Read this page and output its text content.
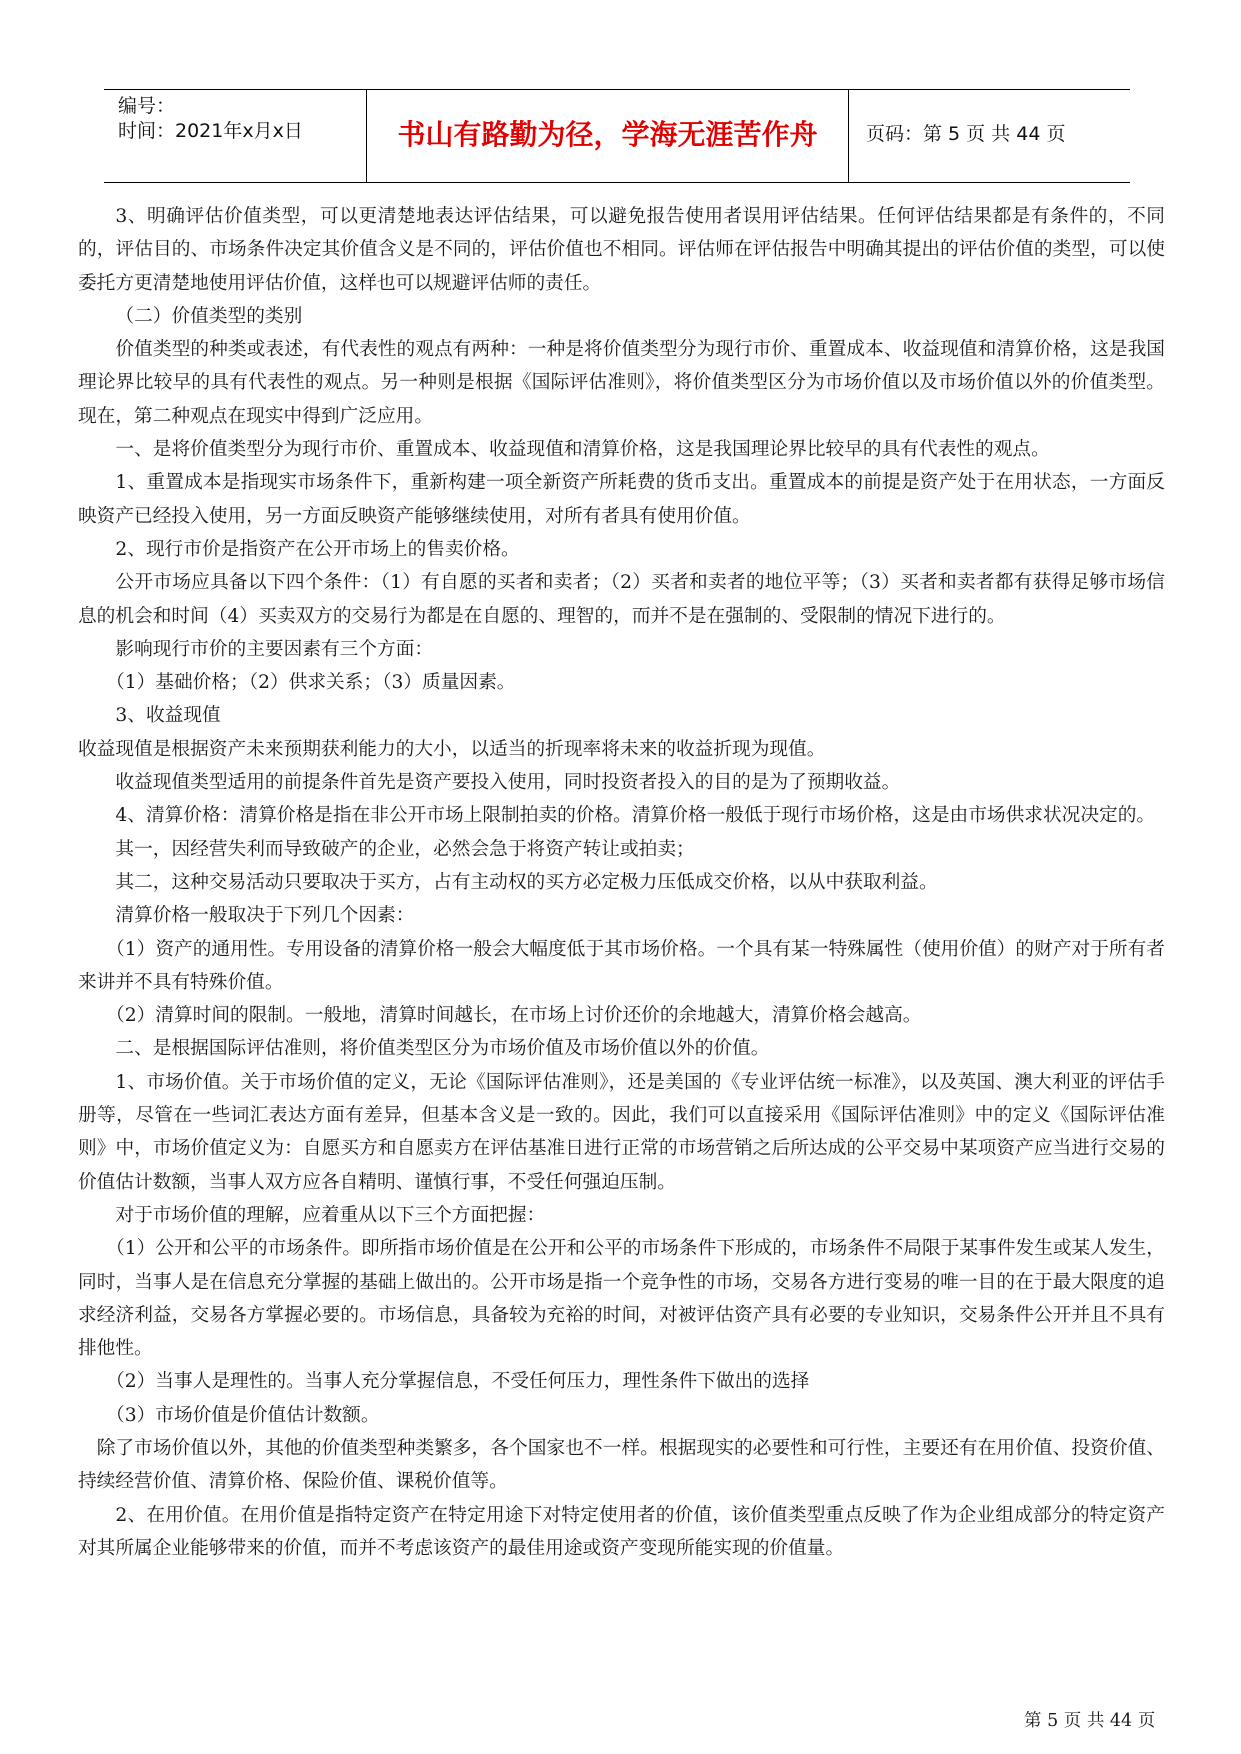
编号：
时间：2021年x月x日	书山有路勤为径，学海无涯苦作舟	页码：第 5 页 共 44 页

3、明确评估价值类型，可以更清楚地表达评估结果，可以避免报告使用者误用评估结果。任何评估结果都是有条件的，不同的，评估目的、市场条件决定其价值含义是不同的，评估价值也不相同。评估师在评估报告中明确其提出的评估价值的类型，可以使委托方更清楚地使用评估价值，这样也可以规避评估师的责任。

（二）价值类型的类别

价值类型的种类或表述，有代表性的观点有两种：一种是将价值类型分为现行市价、重置成本、收益现值和清算价格，这是我国理论界比较早的具有代表性的观点。另一种则是根据《国际评估准则》，将价值类型区分为市场价值以及市场价值以外的价值类型。现在，第二种观点在现实中得到广泛应用。

一、是将价值类型分为现行市价、重置成本、收益现值和清算价格，这是我国理论界比较早的具有代表性的观点。

1、重置成本是指现实市场条件下，重新构建一项全新资产所耗费的货币支出。重置成本的前提是资产处于在用状态，一方面反映资产已经投入使用，另一方面反映资产能够继续使用，对所有者具有使用价值。

2、现行市价是指资产在公开市场上的售卖价格。

公开市场应具备以下四个条件：（1）有自愿的买者和卖者；（2）买者和卖者的地位平等；（3）买者和卖者都有获得足够市场信息的机会和时间（4）买卖双方的交易行为都是在自愿的、理智的，而并不是在强制的、受限制的情况下进行的。

影响现行市价的主要因素有三个方面：

（1）基础价格；（2）供求关系；（3）质量因素。

3、收益现值

收益现值是根据资产未来预期获利能力的大小，以适当的折现率将未来的收益折现为现值。

收益现值类型适用的前提条件首先是资产要投入使用，同时投资者投入的目的是为了预期收益。

4、清算价格：清算价格是指在非公开市场上限制拍卖的价格。清算价格一般低于现行市场价格，这是由市场供求状况决定的。

其一，因经营失利而导致破产的企业，必然会急于将资产转让或拍卖；

其二，这种交易活动只要取决于买方，占有主动权的买方必定极力压低成交价格，以从中获取利益。

清算价格一般取决于下列几个因素：

（1）资产的通用性。专用设备的清算价格一般会大幅度低于其市场价格。一个具有某一特殊属性（使用价值）的财产对于所有者来讲并不具有特殊价值。

（2）清算时间的限制。一般地，清算时间越长，在市场上讨价还价的余地越大，清算价格会越高。

二、是根据国际评估准则，将价值类型区分为市场价值及市场价值以外的价值。

1、市场价值。关于市场价值的定义，无论《国际评估准则》，还是美国的《专业评估统一标准》，以及英国、澳大利亚的评估手册等，尽管在一些词汇表达方面有差异，但基本含义是一致的。因此，我们可以直接采用《国际评估准则》中的定义《国际评估准则》中，市场价值定义为：自愿买方和自愿卖方在评估基准日进行正常的市场营销之后所达成的公平交易中某项资产应当进行交易的价值估计数额，当事人双方应各自精明、谨慎行事，不受任何强迫压制。

对于市场价值的理解，应着重从以下三个方面把握：

（1）公开和公平的市场条件。即所指市场价值是在公开和公平的市场条件下形成的，市场条件不局限于某事件发生或某人发生，同时，当事人是在信息充分掌握的基础上做出的。公开市场是指一个竞争性的市场，交易各方进行变易的唯一目的在于最大限度的追求经济利益，交易各方掌握必要的。市场信息，具备较为充裕的时间，对被评估资产具有必要的专业知识，交易条件公开并且不具有排他性。

（2）当事人是理性的。当事人充分掌握信息，不受任何压力，理性条件下做出的选择

（3）市场价值是价值估计数额。

除了市场价值以外，其他的价值类型种类繁多，各个国家也不一样。根据现实的必要性和可行性，主要还有在用价值、投资价值、持续经营价值、清算价格、保险价值、课税价值等。

2、在用价值。在用价值是指特定资产在特定用途下对特定使用者的价值，该价值类型重点反映了作为企业组成部分的特定资产对其所属企业能够带来的价值，而并不考虑该资产的最佳用途或资产变现所能实现的价值量。

第 5 页 共 44 页
